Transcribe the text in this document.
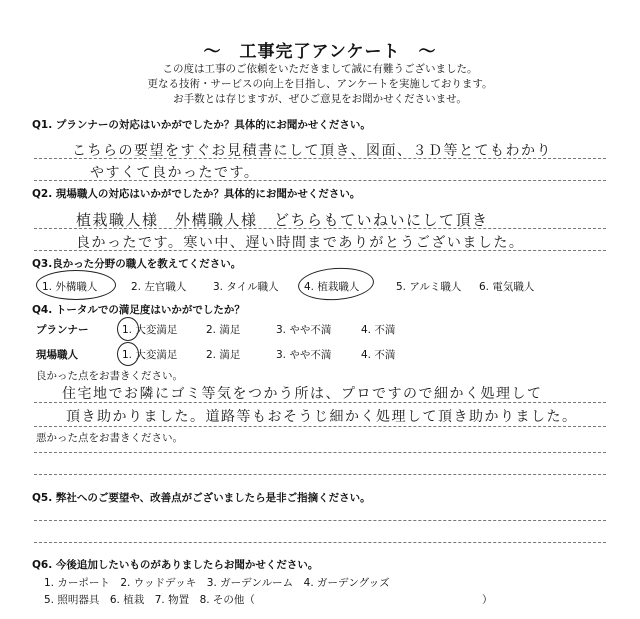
〜　工事完了アンケート　〜
この度は工事のご依頼をいただきまして誠に有難うございました。
更なる技術・サービスの向上を目指し、アンケートを実施しております。
お手数とは存じますが、ぜひご意見をお聞かせくださいませ。
Q1. プランナーの対応はいかがでしたか？具体的にお聞かせください。
こちらの要望をすぐお見積書にして頂き、図面、３Ｄ等とてもわかり
やすくて良かったです。
Q2. 現場職人の対応はいかがでしたか？具体的にお聞かせください。
植栽職人様　外構職人様　どちらもていねいにして頂き
良かったです。寒い中、遅い時間までありがとうございました。
Q3.良かった分野の職人を教えてください。
1. 外構職人	2. 左官職人	3. タイル職人 4. 植栽職人	5. アルミ職人 6. 電気職人
Q4. トータルでの満足度はいかがでしたか？
プランナー	1. 大変満足	2. 満足	3. やや不満	4. 不満
現場職人	1. 大変満足	2. 満足	3. やや不満	4. 不満
良かった点をお書きください。
住宅地でお隣にゴミ等気をつかう所は、プロですので細かく処理して
頂き助かりました。道路等もおそうじ細かく処理して頂き助かりました。
悪かった点をお書きください。
Q5. 弊社へのご要望や、改善点がございましたら是非ご指摘ください。
Q6. 今後追加したいものがありましたらお聞かせください。
1. カーポート　2. ウッドデッキ　3. ガーデンルーム　4. ガーデングッズ
5. 照明器具　6. 植栽　7. 物置　8. その他（	）
